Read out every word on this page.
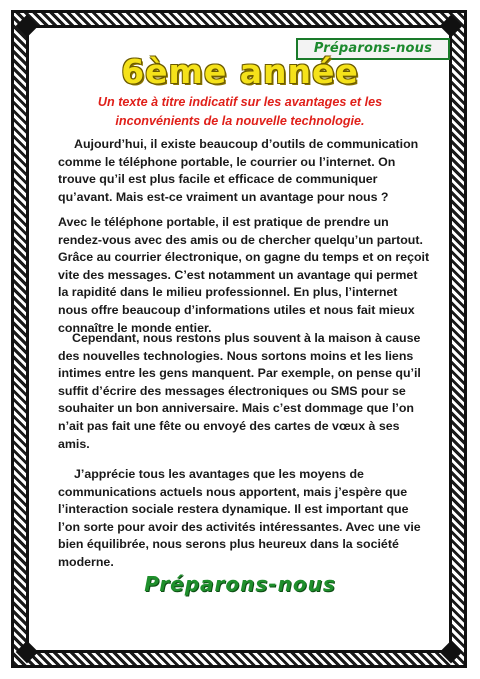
Préparons-nous
6ème année
Un texte à titre indicatif sur les avantages et les inconvénients de la nouvelle technologie.

Aujourd’hui, il existe beaucoup d’outils de communication comme le téléphone portable, le courrier ou l’internet. On trouve qu’il est plus facile et efficace de communiquer qu’avant. Mais est-ce vraiment un avantage pour nous ?

Avec le téléphone portable, il est pratique de prendre un rendez-vous avec des amis ou de chercher quelqu’un partout. Grâce au courrier électronique, on gagne du temps et on reçoit vite des messages. C’est notamment un avantage qui permet la rapidité dans le milieu professionnel. En plus, l’internet nous offre beaucoup d’informations utiles et nous fait mieux connaître le monde entier.

Cependant, nous restons plus souvent à la maison à cause des nouvelles technologies. Nous sortons moins et les liens intimes entre les gens manquent. Par exemple, on pense qu’il suffit d’écrire des messages électroniques ou SMS pour se souhaiter un bon anniversaire. Mais c’est dommage que l’on n’ait pas fait une fête ou envoyé des cartes de vœux à ses amis.

J’apprécie tous les avantages que les moyens de communications actuels nous apportent, mais j’espère que l’interaction sociale restera dynamique. Il est important que l’on sorte pour avoir des activités intéressantes. Avec une vie bien équilibrée, nous serons plus heureux dans la société moderne.

Préparons-nous
